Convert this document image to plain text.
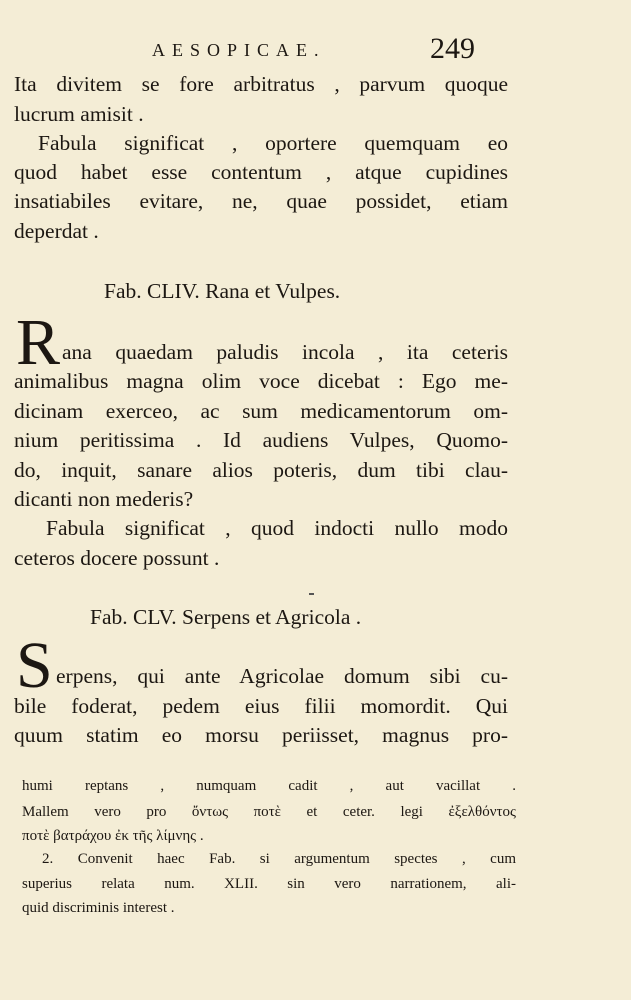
AESOPICAE.	249
Ita divitem se fore arbitratus , parvum quoque
lucrum amisit .
Fabula significat , oportere quemquam eo
quod habet esse contentum , atque cupidines
insatiabiles evitare, ne, quae possidet, etiam
deperdat .
Fab. CLIV. Rana et Vulpes.
R ana quaedam paludis incola , ita ceteris
animalibus magna olim voce dicebat : Ego me-
dicinam exerceo, ac sum medicamentorum om-
nium peritissima . Id audiens Vulpes, Quomo-
do, inquit, sanare alios poteris, dum tibi clau-
dicanti non mederis?
Fabula significat , quod indocti nullo modo
ceteros docere possunt .
Fab. CLV. Serpens et Agricola .
S erpens, qui ante Agricolae domum sibi cu-
bile foderat, pedem eius filii momordit. Qui
quum statim eo morsu periisset, magnus pro-
humi reptans , numquam cadit , aut vacillat .
Mallem vero pro ὄντως ποτὲ et ceter. legi ἐξελθόντος
ποτὲ βατράχου ἐκ τῆς λίμνης .
2. Convenit haec Fab. si argumentum spectes , cum
superius relata num. XLII. sin vero narrationem, ali-
quid discriminis interest .
